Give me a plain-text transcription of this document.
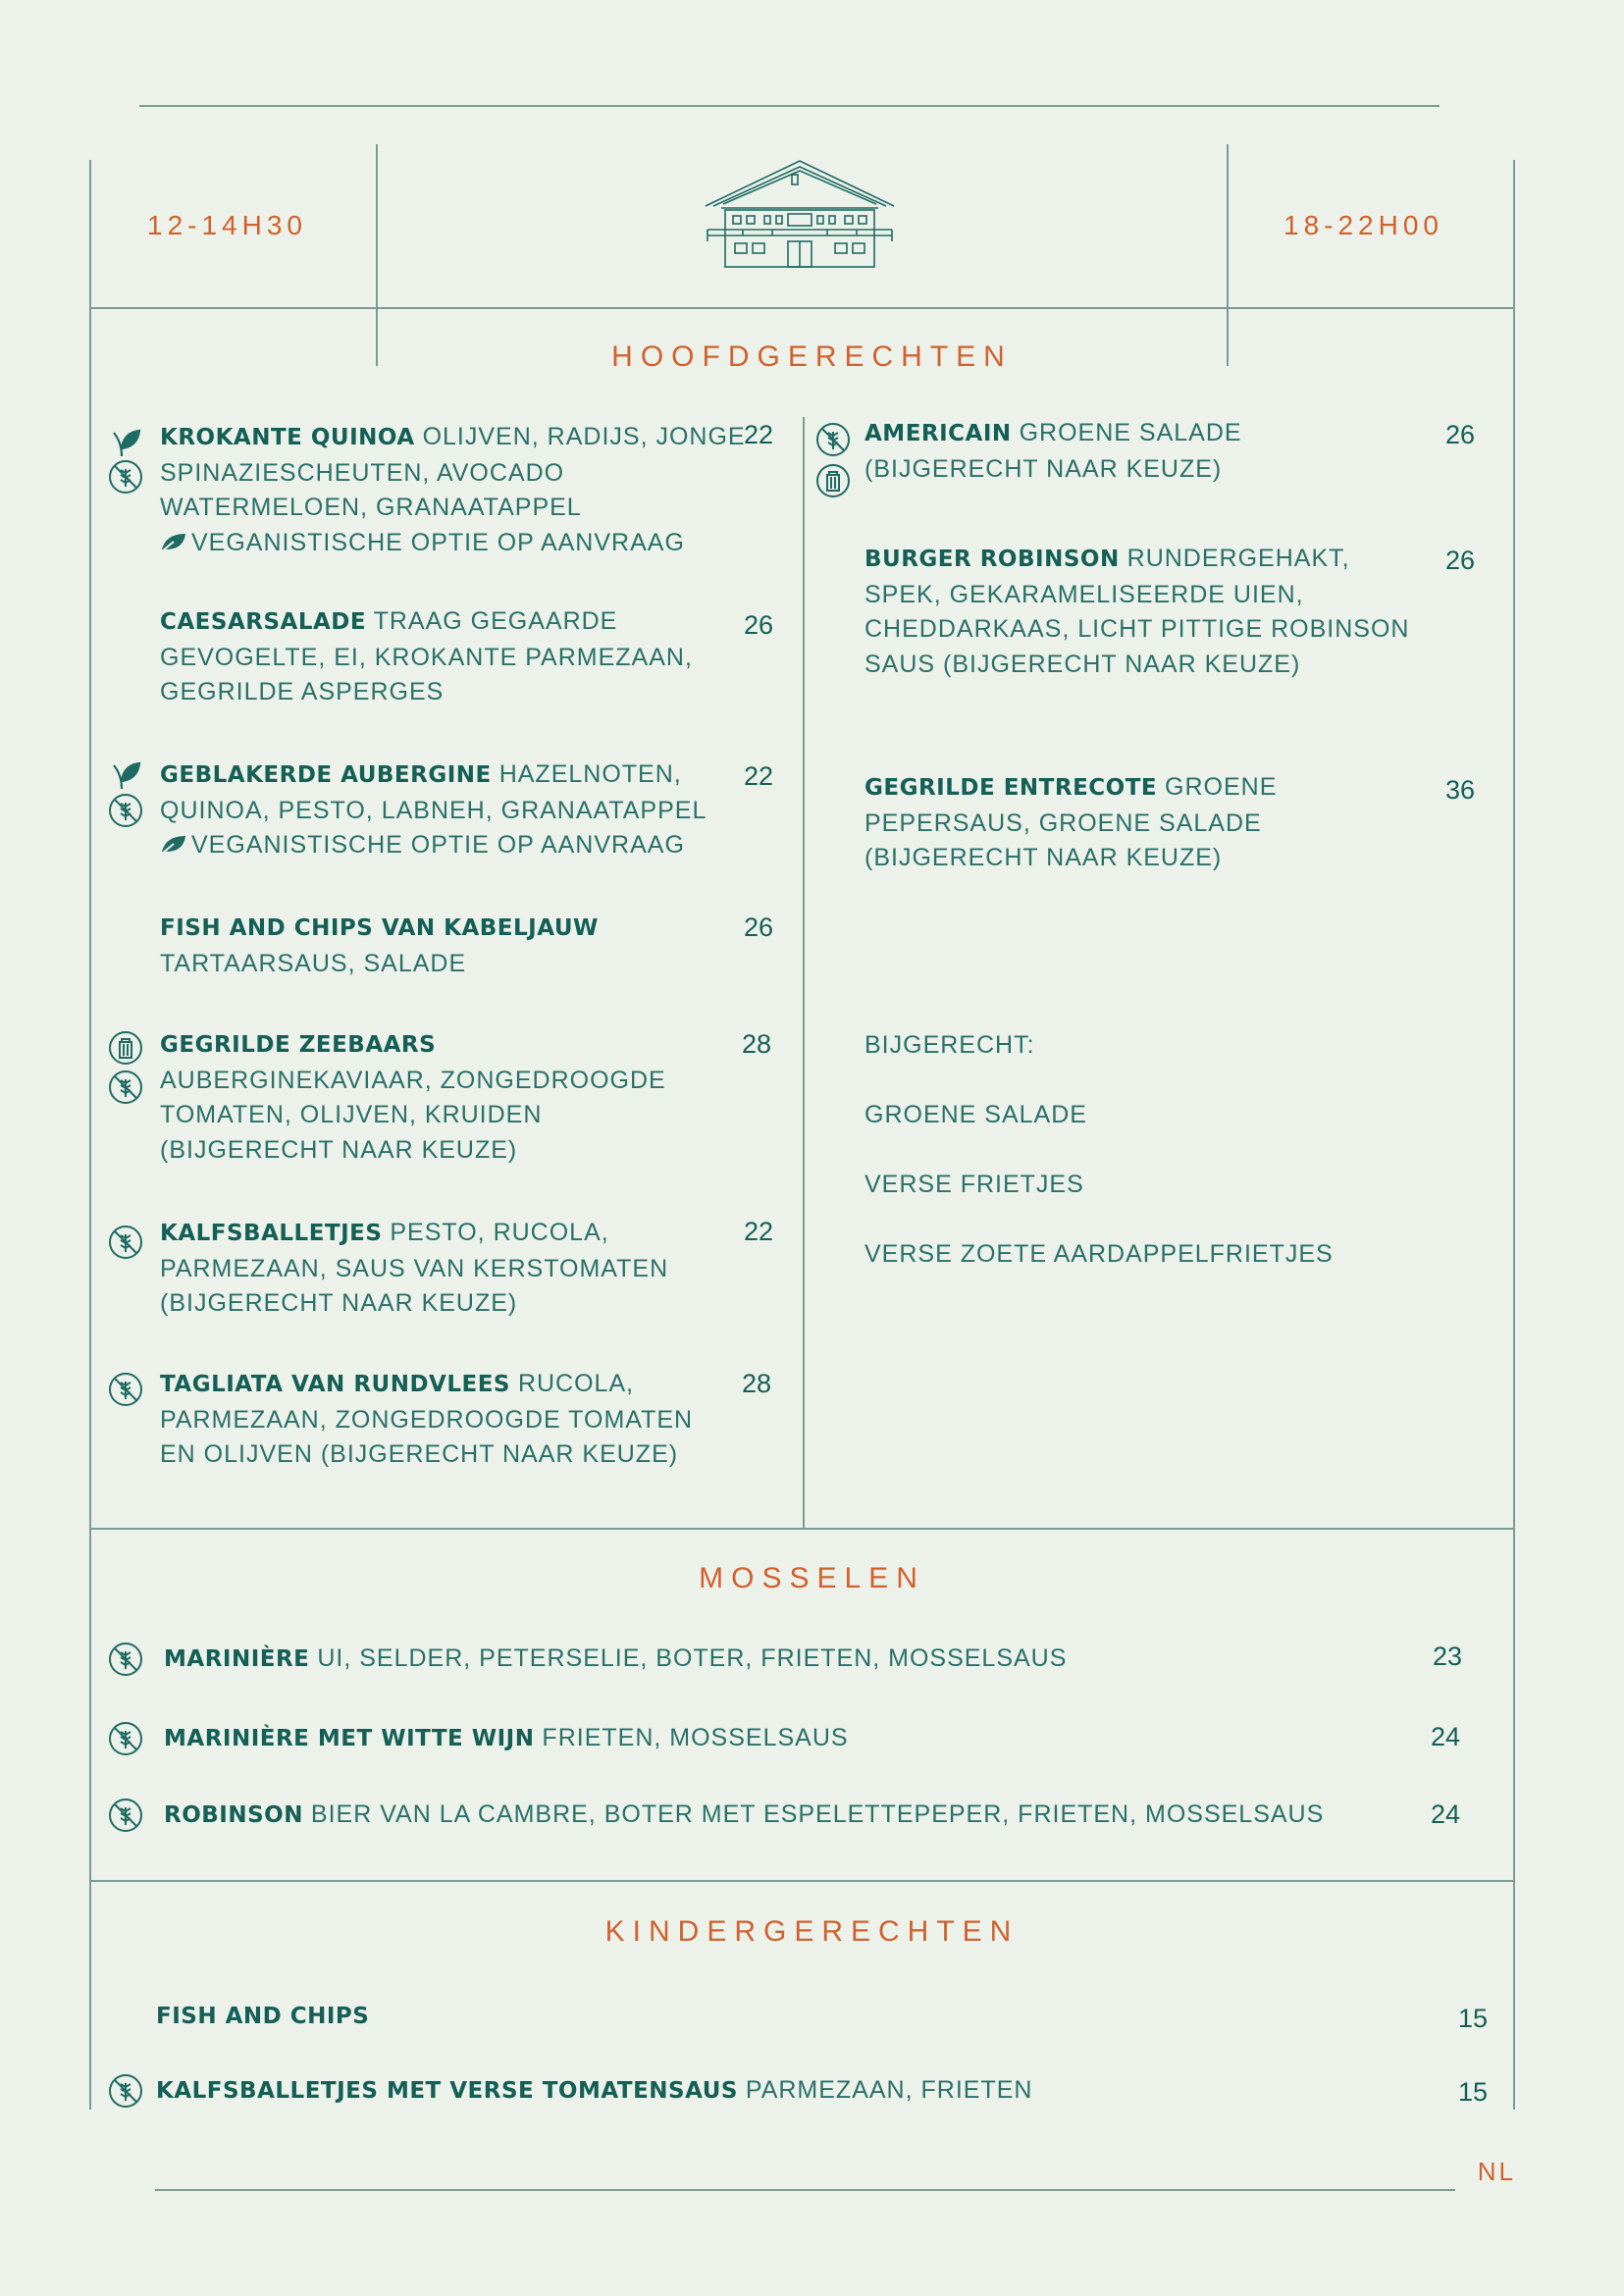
12-14H30	18-22H00
HOOFDGERECHTEN
KROKANTE QUINOA OLIJVEN, RADIJS, JONGE SPINAZIESCHEUTEN, AVOCADO WATERMELOEN, GRANAATAPPEL
VEGANISTISCHE OPTIE OP AANVRAAG
22
CAESARSALADE TRAAG GEGAARDE GEVOGELTE, EI, KROKANTE PARMEZAAN, GEGRILDE ASPERGES
26
GEBLAKERDE AUBERGINE HAZELNOTEN, QUINOA, PESTO, LABNEH, GRANAATAPPEL
VEGANISTISCHE OPTIE OP AANVRAAG
22
FISH AND CHIPS VAN KABELJAUW
TARTAARSAUS, SALADE
26
GEGRILDE ZEEBAARS
AUBERGINEKAVIAAR, ZONGEDROOGDE TOMATEN, OLIJVEN, KRUIDEN (BIJGERECHT NAAR KEUZE)
28
KALFSBALLETJES PESTO, RUCOLA, PARMEZAAN, SAUS VAN KERSTOMATEN (BIJGERECHT NAAR KEUZE)
22
TAGLIATA VAN RUNDVLEES RUCOLA, PARMEZAAN, ZONGEDROOGDE TOMATEN EN OLIJVEN (BIJGERECHT NAAR KEUZE)
28
AMERICAIN GROENE SALADE (BIJGERECHT NAAR KEUZE)
26
BURGER ROBINSON RUNDERGEHAKT, SPEK, GEKARAMELISEERDE UIEN, CHEDDARKAAS, LICHT PITTIGE ROBINSON SAUS (BIJGERECHT NAAR KEUZE)
26
GEGRILDE ENTRECOTE GROENE PEPERSAUS, GROENE SALADE (BIJGERECHT NAAR KEUZE)
36
BIJGERECHT:
GROENE SALADE
VERSE FRIETJES
VERSE ZOETE AARDAPPELFRIETJES
MOSSELEN
MARINIÈRE UI, SELDER, PETERSELIE, BOTER, FRIETEN, MOSSELSAUS	23
MARINIÈRE MET WITTE WIJN FRIETEN, MOSSELSAUS	24
ROBINSON BIER VAN LA CAMBRE, BOTER MET ESPELETTEPEPER, FRIETEN, MOSSELSAUS	24
KINDERGERECHTEN
FISH AND CHIPS	15
KALFSBALLETJES MET VERSE TOMATENSAUS PARMEZAAN, FRIETEN	15
NL
